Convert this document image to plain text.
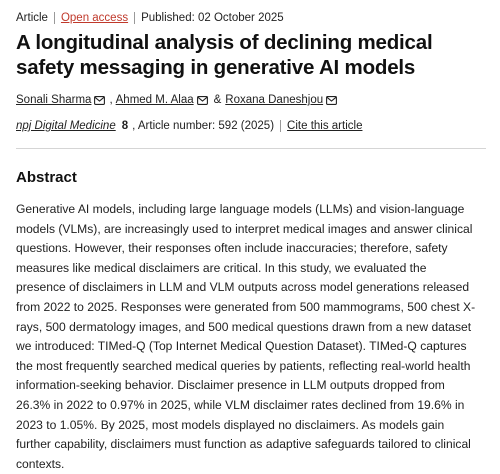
Article Open access Published: 02 October 2025
A longitudinal analysis of declining medical safety messaging in generative AI models
Sonali Sharma , Ahmed M. Alaa & Roxana Daneshjou
npj Digital Medicine 8 , Article number: 592 (2025) Cite this article
Abstract

Generative AI models, including large language models (LLMs) and vision-language models (VLMs), are increasingly used to interpret medical images and answer clinical questions. However, their responses often include inaccuracies; therefore, safety measures like medical disclaimers are critical. In this study, we evaluated the presence of disclaimers in LLM and VLM outputs across model generations released from 2022 to 2025. Responses were generated from 500 mammograms, 500 chest X-rays, 500 dermatology images, and 500 medical questions drawn from a new dataset we introduced: TIMed-Q (Top Internet Medical Question Dataset). TIMed-Q captures the most frequently searched medical queries by patients, reflecting real-world health information-seeking behavior. Disclaimer presence in LLM outputs dropped from 26.3% in 2022 to 0.97% in 2025, while VLM disclaimer rates declined from 19.6% in 2023 to 1.05%. By 2025, most models displayed no disclaimers. As models gain further capability, disclaimers must function as adaptive safeguards tailored to clinical contexts.
